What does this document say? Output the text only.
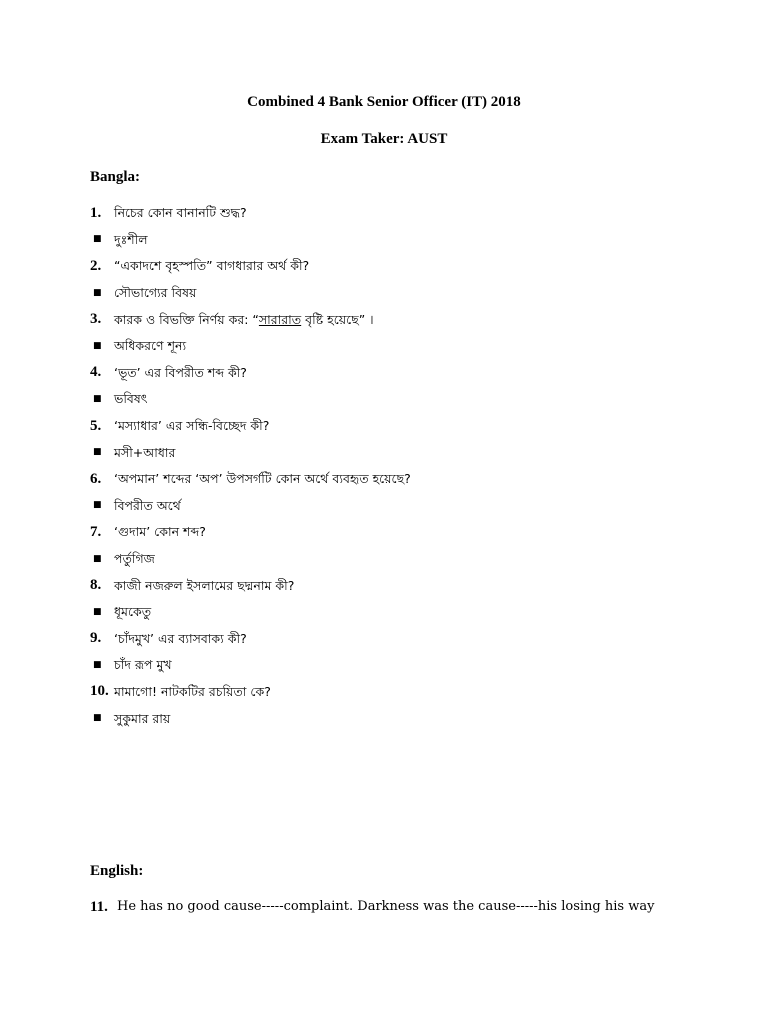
Combined 4 Bank Senior Officer (IT) 2018
Exam Taker: AUST
Bangla:
1.	নিচের কোন বানানটি শুদ্ধ?
■ দুঃশীল
2.	“একাদশে বৃহস্পতি” বাগধারার অর্থ কী?
■ সৌভাগ্যের বিষয়
3.	কারক ও বিভক্তি নির্ণয় কর: “সারারাত বৃষ্টি হয়েছে” ।
■ অধিকরণে শূন্য
4.	‘ভূত’ এর বিপরীত শব্দ কী?
■ ভবিষৎ
5.	‘মস্যাধার’ এর সন্ধি-বিচ্ছেদ কী?
■ মসী+আধার
6.	‘অপমান’ শব্দের ‘অপ’ উপসর্গটি কোন অর্থে ব্যবহৃত হয়েছে?
■ বিপরীত অর্থে
7.	‘গুদাম’ কোন শব্দ?
■ পর্তুগিজ
8.	কাজী নজরুল ইসলামের ছদ্মনাম কী?
■ ধূমকেতু
9.	‘চাঁদমুখ’ এর ব্যাসবাক্য কী?
■ চাঁদ রূপ মুখ
10. মামাগো! নাটকটির রচয়িতা কে?
■ সুকুমার রায়
English:
11. He has no good cause-----complaint. Darkness was the cause-----his losing his way
